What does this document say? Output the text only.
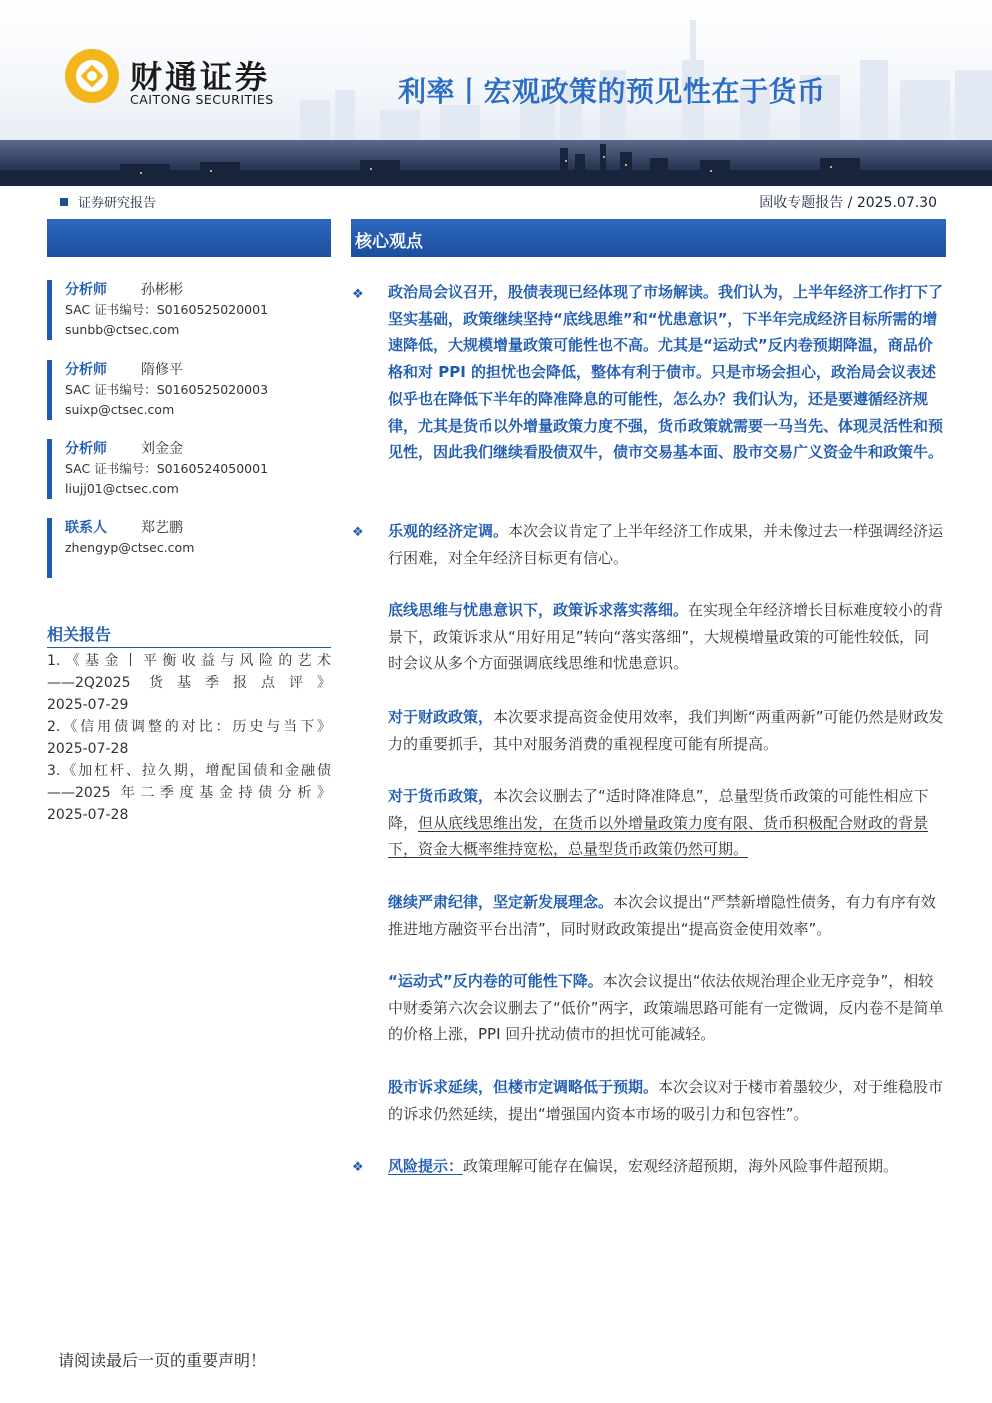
财通证券
CAITONG SECURITIES	利率丨宏观政策的预见性在于货币
证券研究报告	固收专题报告 / 2025.07.30
分析师	孙彬彬
SAC 证书编号：S0160525020001
sunbb@ctsec.com
分析师	隋修平
SAC 证书编号：S0160525020003
suixp@ctsec.com
分析师	刘金金
SAC 证书编号：S0160524050001
liujj01@ctsec.com
联系人	郑艺鹏
zhengyp@ctsec.com
相关报告
1.《基金丨平衡收益与风险的艺术
——2Q2025 货基季报点评》
2025-07-29
2.《信用债调整的对比：历史与当下》
2025-07-28
3.《加杠杆、拉久期，增配国债和金融债
——2025 年二季度基金持债分析》
2025-07-28
核心观点
❖ 政治局会议召开，股债表现已经体现了市场解读。我们认为，上半年经济工作打下了坚实基础，政策继续坚持“底线思维”和“忧患意识”，下半年完成经济目标所需的增速降低，大规模增量政策可能性也不高。尤其是“运动式”反内卷预期降温，商品价格和对 PPI 的担忧也会降低，整体有利于债市。只是市场会担心，政治局会议表述似乎也在降低下半年的降准降息的可能性，怎么办？我们认为，还是要遵循经济规律，尤其是货币以外增量政策力度不强，货币政策就需要一马当先、体现灵活性和预见性，因此我们继续看股债双牛，债市交易基本面、股市交易广义资金牛和政策牛。
❖ 乐观的经济定调。本次会议肯定了上半年经济工作成果，并未像过去一样强调经济运行困难，对全年经济目标更有信心。
底线思维与忧患意识下，政策诉求落实落细。在实现全年经济增长目标难度较小的背景下，政策诉求从“用好用足”转向“落实落细”，大规模增量政策的可能性较低，同时会议从多个方面强调底线思维和忧患意识。
对于财政政策，本次要求提高资金使用效率，我们判断“两重两新”可能仍然是财政发力的重要抓手，其中对服务消费的重视程度可能有所提高。
对于货币政策，本次会议删去了“适时降准降息”，总量型货币政策的可能性相应下降，但从底线思维出发，在货币以外增量政策力度有限、货币积极配合财政的背景下，资金大概率维持宽松，总量型货币政策仍然可期。
继续严肃纪律，坚定新发展理念。本次会议提出“严禁新增隐性债务，有力有序有效推进地方融资平台出清”，同时财政政策提出“提高资金使用效率”。
“运动式”反内卷的可能性下降。本次会议提出“依法依规治理企业无序竞争”，相较中财委第六次会议删去了“低价”两字，政策端思路可能有一定微调，反内卷不是简单的价格上涨，PPI 回升扰动债市的担忧可能减轻。
股市诉求延续，但楼市定调略低于预期。本次会议对于楼市着墨较少，对于维稳股市的诉求仍然延续，提出“增强国内资本市场的吸引力和包容性”。
❖ 风险提示：政策理解可能存在偏误，宏观经济超预期，海外风险事件超预期。
请阅读最后一页的重要声明！
